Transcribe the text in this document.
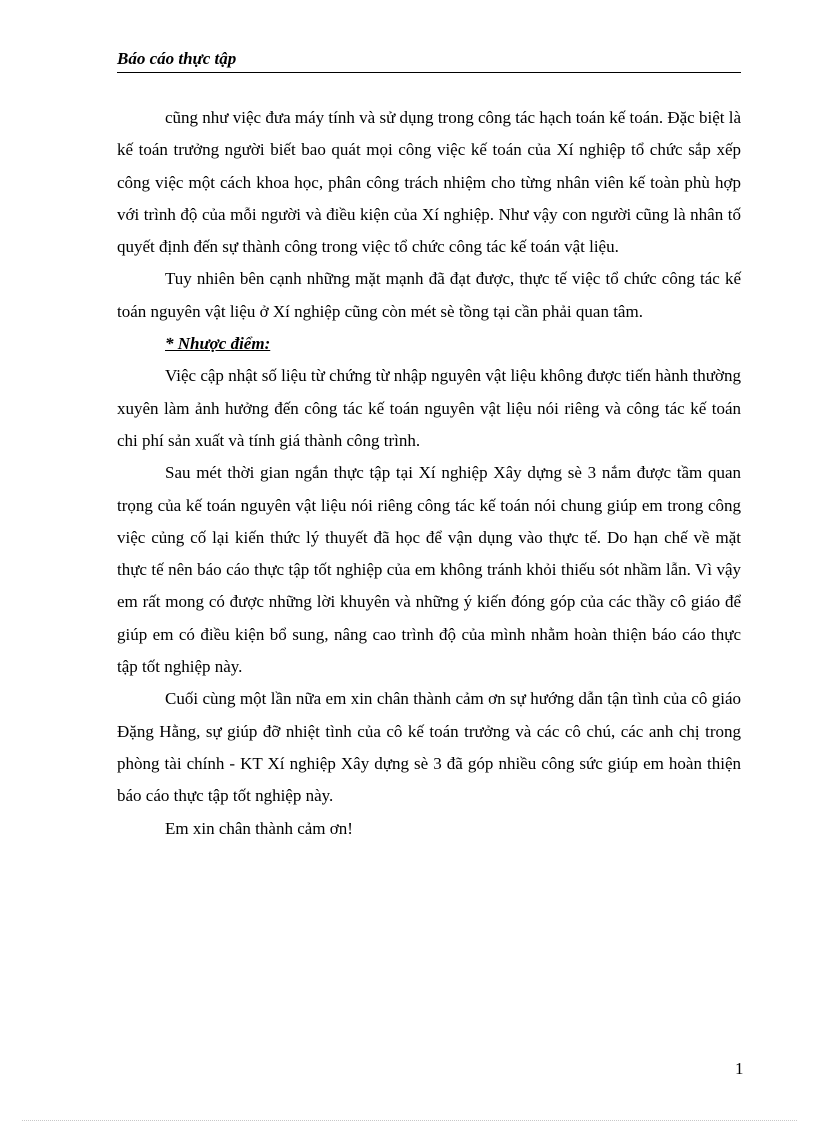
Báo cáo thực tập

cũng như việc đưa máy tính và sử dụng trong công tác hạch toán kế toán. Đặc biệt là kế toán trưởng người biết bao quát mọi công việc kế toán của Xí nghiệp tổ chức sắp xếp công việc một cách khoa học, phân công trách nhiệm cho từng nhân viên kế toàn phù hợp với trình độ của mỗi người và điều kiện của Xí nghiệp. Như vậy con người cũng là nhân tố quyết định đến sự thành công trong việc tổ chức công tác kế toán vật liệu.

Tuy nhiên bên cạnh những mặt mạnh đã đạt được, thực tế việc tổ chức công tác kế toán nguyên vật liệu ở Xí nghiệp cũng còn mét sè tồng tại cần phải quan tâm.

* Nhược điểm:

Việc cập nhật số liệu từ chứng từ nhập nguyên vật liệu không được tiến hành thường xuyên làm ảnh hưởng đến công tác kế toán nguyên vật liệu nói riêng và công tác kế toán chi phí sản xuất và tính giá thành công trình.

Sau mét thời gian ngắn thực tập tại Xí nghiệp Xây dựng sè 3 nắm được tầm quan trọng của kế toán nguyên vật liệu nói riêng công tác kế toán nói chung giúp em trong công việc củng cố lại kiến thức lý thuyết đã học để vận dụng vào thực tế. Do hạn chế về mặt thực tế nên báo cáo thực tập tốt nghiệp của em không tránh khỏi thiếu sót nhầm lẫn. Vì vậy em rất mong có được những lời khuyên và những ý kiến đóng góp của các thầy cô giáo để giúp em có điều kiện bổ sung, nâng cao trình độ của mình nhằm hoàn thiện báo cáo thực tập tốt nghiệp này.

Cuối cùng một lần nữa em xin chân thành cảm ơn sự hướng dẫn tận tình của cô giáo Đặng Hằng, sự giúp đỡ nhiệt tình của cô kế toán trưởng và các cô chú, các anh chị trong phòng tài chính - KT Xí nghiệp Xây dựng sè 3 đã góp nhiều công sức giúp em hoàn thiện báo cáo thực tập tốt nghiệp này.

Em xin chân thành cảm ơn!

1
